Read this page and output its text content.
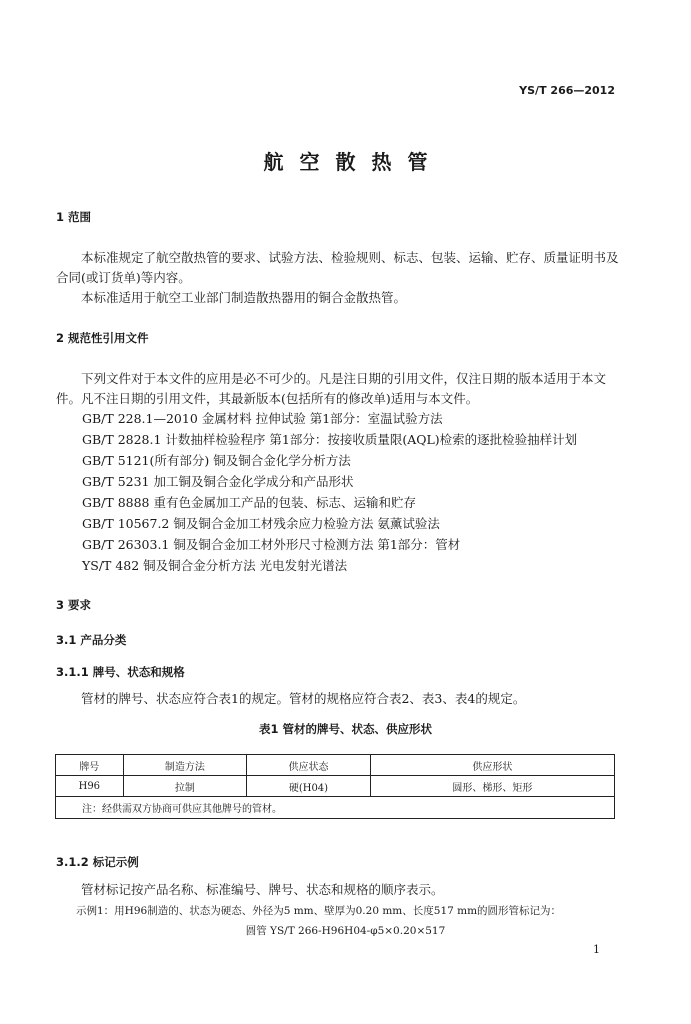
YS/T 266—2012
航空散热管
1 范围
本标准规定了航空散热管的要求、试验方法、检验规则、标志、包装、运输、贮存、质量证明书及合同(或订货单)等内容。
本标准适用于航空工业部门制造散热器用的铜合金散热管。
2 规范性引用文件
下列文件对于本文件的应用是必不可少的。凡是注日期的引用文件，仅注日期的版本适用于本文件。凡不注日期的引用文件，其最新版本(包括所有的修改单)适用与本文件。
GB/T 228.1—2010 金属材料 拉伸试验 第1部分：室温试验方法
GB/T 2828.1 计数抽样检验程序 第1部分：按接收质量限(AQL)检索的逐批检验抽样计划
GB/T 5121(所有部分) 铜及铜合金化学分析方法
GB/T 5231 加工铜及铜合金化学成分和产品形状
GB/T 8888 重有色金属加工产品的包装、标志、运输和贮存
GB/T 10567.2 铜及铜合金加工材残余应力检验方法 氨薰试验法
GB/T 26303.1 铜及铜合金加工材外形尺寸检测方法 第1部分：管材
YS/T 482 铜及铜合金分析方法 光电发射光谱法
3 要求
3.1 产品分类
3.1.1 牌号、状态和规格
管材的牌号、状态应符合表1的规定。管材的规格应符合表2、表3、表4的规定。
表1 管材的牌号、状态、供应形状
牌号	制造方法	供应状态	供应形状
H96	拉制	硬(H04)	圆形、梯形、矩形
注：经供需双方协商可供应其他牌号的管材。			
3.1.2 标记示例
管材标记按产品名称、标准编号、牌号、状态和规格的顺序表示。
示例1：用H96制造的、状态为硬态、外径为5 mm、壁厚为0.20 mm、长度517 mm的圆形管标记为：
圆管 YS/T 266-H96H04-φ5×0.20×517
1
